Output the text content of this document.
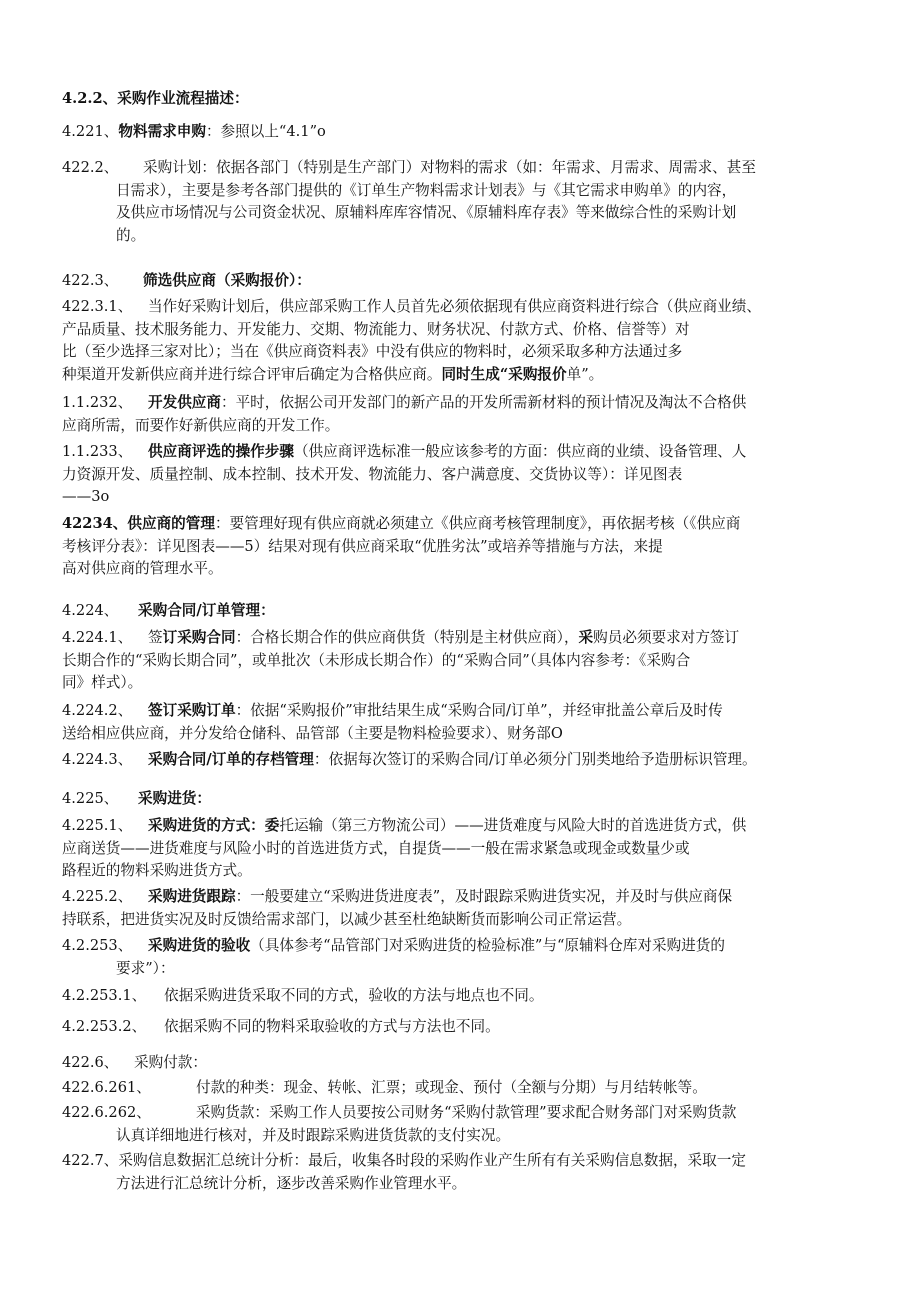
4.2.2、采购作业流程描述：
4.221、物料需求申购：参照以上“4.1”o
422.2、 采购计划：依据各部门（特别是生产部门）对物料的需求（如：年需求、月需求、周需求、甚至
日需求），主要是参考各部门提供的《订单生产物料需求计划表》与《其它需求申购单》的内容，
及供应市场情况与公司资金状况、原辅料库库容情况、《原辅料库存表》等来做综合性的采购计划
的。
422.3、 筛选供应商（采购报价）：
422.3.1、 当作好采购计划后，供应部采购工作人员首先必须依据现有供应商资料进行综合（供应商业绩、
产品质量、技术服务能力、开发能力、交期、物流能力、财务状况、付款方式、价格、信誉等）对
比（至少选择三家对比）；当在《供应商资料表》中没有供应的物料时，必须采取多种方法通过多
种渠道开发新供应商并进行综合评审后确定为合格供应商。同时生成“采购报价单”。
1.1.232、 开发供应商：平时，依据公司开发部门的新产品的开发所需新材料的预计情况及淘汰不合格供
应商所需，而要作好新供应商的开发工作。
1.1.233、 供应商评选的操作步骤（供应商评选标准一般应该参考的方面：供应商的业绩、设备管理、人
力资源开发、质量控制、成本控制、技术开发、物流能力、客户满意度、交货协议等）：详见图表
——3o
42234、供应商的管理：要管理好现有供应商就必须建立《供应商考核管理制度》，再依据考核（《供应商
考核评分表》：详见图表——5）结果对现有供应商采取“优胜劣汰”或培养等措施与方法，来提
高对供应商的管理水平。
4.224、 采购合同/订单管理：
4.224.1、 签订采购合同：合格长期合作的供应商供货（特别是主材供应商），采购员必须要求对方签订
长期合作的“采购长期合同”，或单批次（未形成长期合作）的“采购合同”（具体内容参考：《采购合
同》样式）。
4.224.2、 签订采购订单：依据“采购报价”审批结果生成“采购合同/订单”，并经审批盖公章后及时传
送给相应供应商，并分发给仓储科、品管部（主要是物料检验要求）、财务部O
4.224.3、 采购合同/订单的存档管理：依据每次签订的采购合同/订单必须分门别类地给予造册标识管理。
4.225、 采购进货：
4.225.1、 采购进货的方式：委托运输（第三方物流公司）——进货难度与风险大时的首选进货方式，供
应商送货——进货难度与风险小时的首选进货方式，自提货——一般在需求紧急或现金或数量少或
路程近的物料采购进货方式。
4.225.2、 采购进货跟踪：一般要建立“采购进货进度表”，及时跟踪采购进货实况，并及时与供应商保
持联系，把进货实况及时反馈给需求部门，以减少甚至杜绝缺断货而影响公司正常运营。
4.2.253、 采购进货的验收（具体参考“品管部门对采购进货的检验标准”与“原辅料仓库对采购进货的
要求”）：
4.2.253.1、 依据采购进货采取不同的方式，验收的方法与地点也不同。
4.2.253.2、 依据采购不同的物料采取验收的方式与方法也不同。
422.6、 采购付款：
422.6.261、	付款的种类：现金、转帐、汇票；或现金、预付（全额与分期）与月结转帐等。
422.6.262、	采购货款：采购工作人员要按公司财务“采购付款管理”要求配合财务部门对采购货款
认真详细地进行核对，并及时跟踪采购进货货款的支付实况。
422.7、采购信息数据汇总统计分析：最后，收集各时段的采购作业产生所有有关采购信息数据，采取一定
方法进行汇总统计分析，逐步改善采购作业管理水平。
